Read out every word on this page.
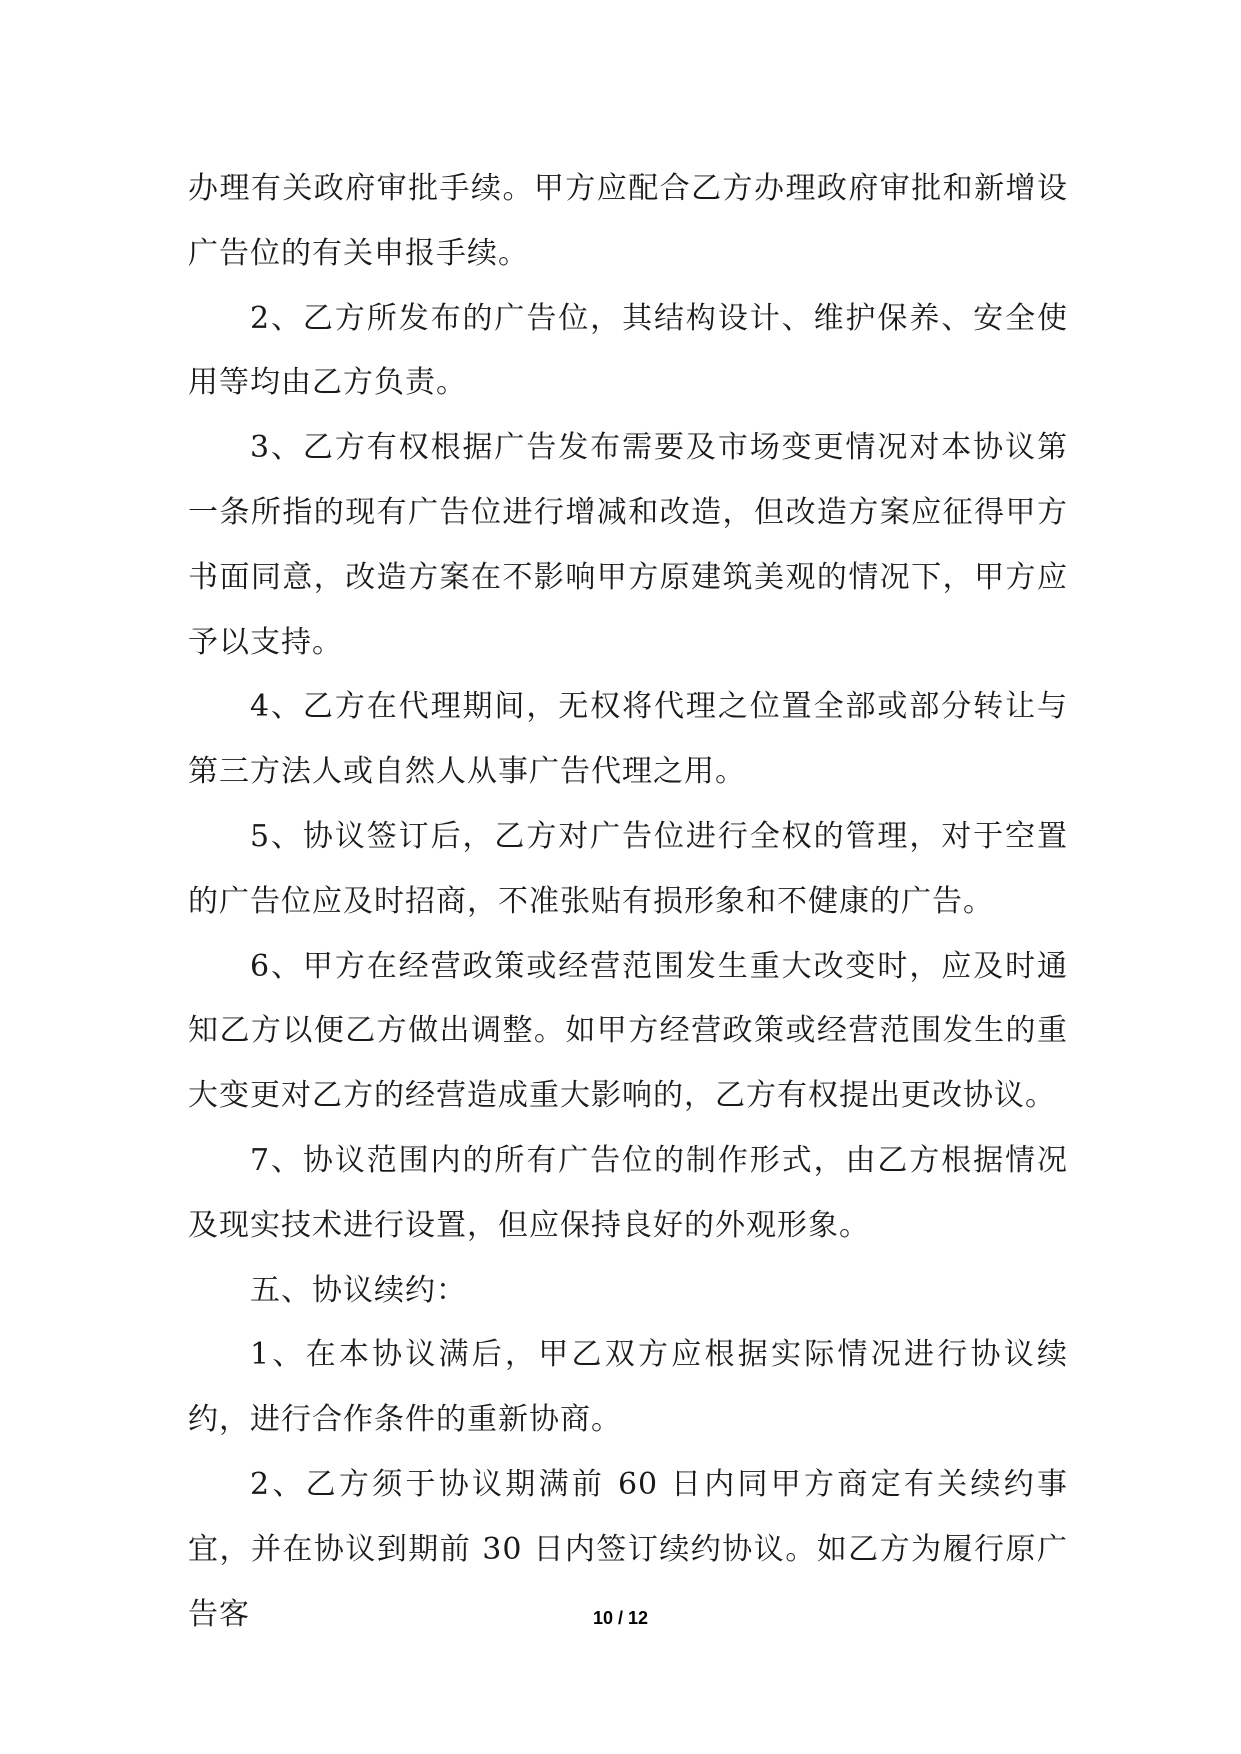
办理有关政府审批手续。甲方应配合乙方办理政府审批和新增设广告位的有关申报手续。

2、乙方所发布的广告位，其结构设计、维护保养、安全使用等均由乙方负责。

3、乙方有权根据广告发布需要及市场变更情况对本协议第一条所指的现有广告位进行增减和改造，但改造方案应征得甲方书面同意，改造方案在不影响甲方原建筑美观的情况下，甲方应予以支持。

4、乙方在代理期间，无权将代理之位置全部或部分转让与第三方法人或自然人从事广告代理之用。

5、协议签订后，乙方对广告位进行全权的管理，对于空置的广告位应及时招商，不准张贴有损形象和不健康的广告。

6、甲方在经营政策或经营范围发生重大改变时，应及时通知乙方以便乙方做出调整。如甲方经营政策或经营范围发生的重大变更对乙方的经营造成重大影响的，乙方有权提出更改协议。

7、协议范围内的所有广告位的制作形式，由乙方根据情况及现实技术进行设置，但应保持良好的外观形象。

五、协议续约：

1、在本协议满后，甲乙双方应根据实际情况进行协议续约，进行合作条件的重新协商。

2、乙方须于协议期满前 60 日内同甲方商定有关续约事宜，并在协议到期前 30 日内签订续约协议。如乙方为履行原广告客	10 / 12
